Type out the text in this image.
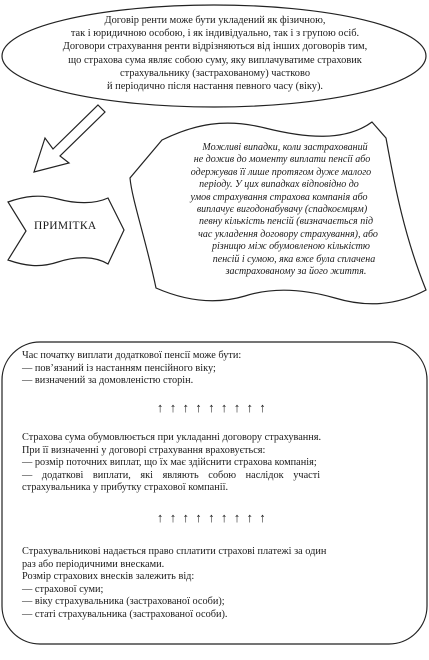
Договір ренти може бути укладений як фізичною,
так і юридичною особою, і як індивідуально, так і з групою осіб.
Договори страхування ренти відрізняються від інших договорів тим,
що страхова сума являє собою суму, яку виплачуватиме страховик
страхувальнику (застрахованому) частково
й періодично після настання певного часу (віку).
ПРИМІТКА
Можливі випадки, коли застрахований
не дожив до моменту виплати пенсії або
одержував її лише протягом дуже малого
періоду. У цих випадках відповідно до
умов страхування страхова компанія або
виплачує вигодонабувачу (спадкоємцям)
певну кількість пенсій (визначається під
час укладення договору страхування), або
різницю між обумовленою кількістю
пенсій і сумою, яка вже була сплачена
застрахованому за його життя.
Час початку виплати додаткової пенсії може бути:
— пов’язаний із настанням пенсійного віку;
— визначений за домовленістю сторін.
↑↑↑↑↑↑↑↑↑
Страхова сума обумовлюється при укладанні договору страхування.
При її визначенні у договорі страхування враховується:
— розмір поточних виплат, що їх має здійснити страхова компанія;
— додаткові виплати, які являють собою наслідок участі
страхувальника у прибутку страхової компанії.
↑↑↑↑↑↑↑↑↑
Страхувальникові надається право сплатити страхові платежі за один
раз або періодичними внесками.
Розмір страхових внесків залежить від:
— страхової суми;
— віку страхувальника (застрахованої особи);
— статі страхувальника (застрахованої особи).
